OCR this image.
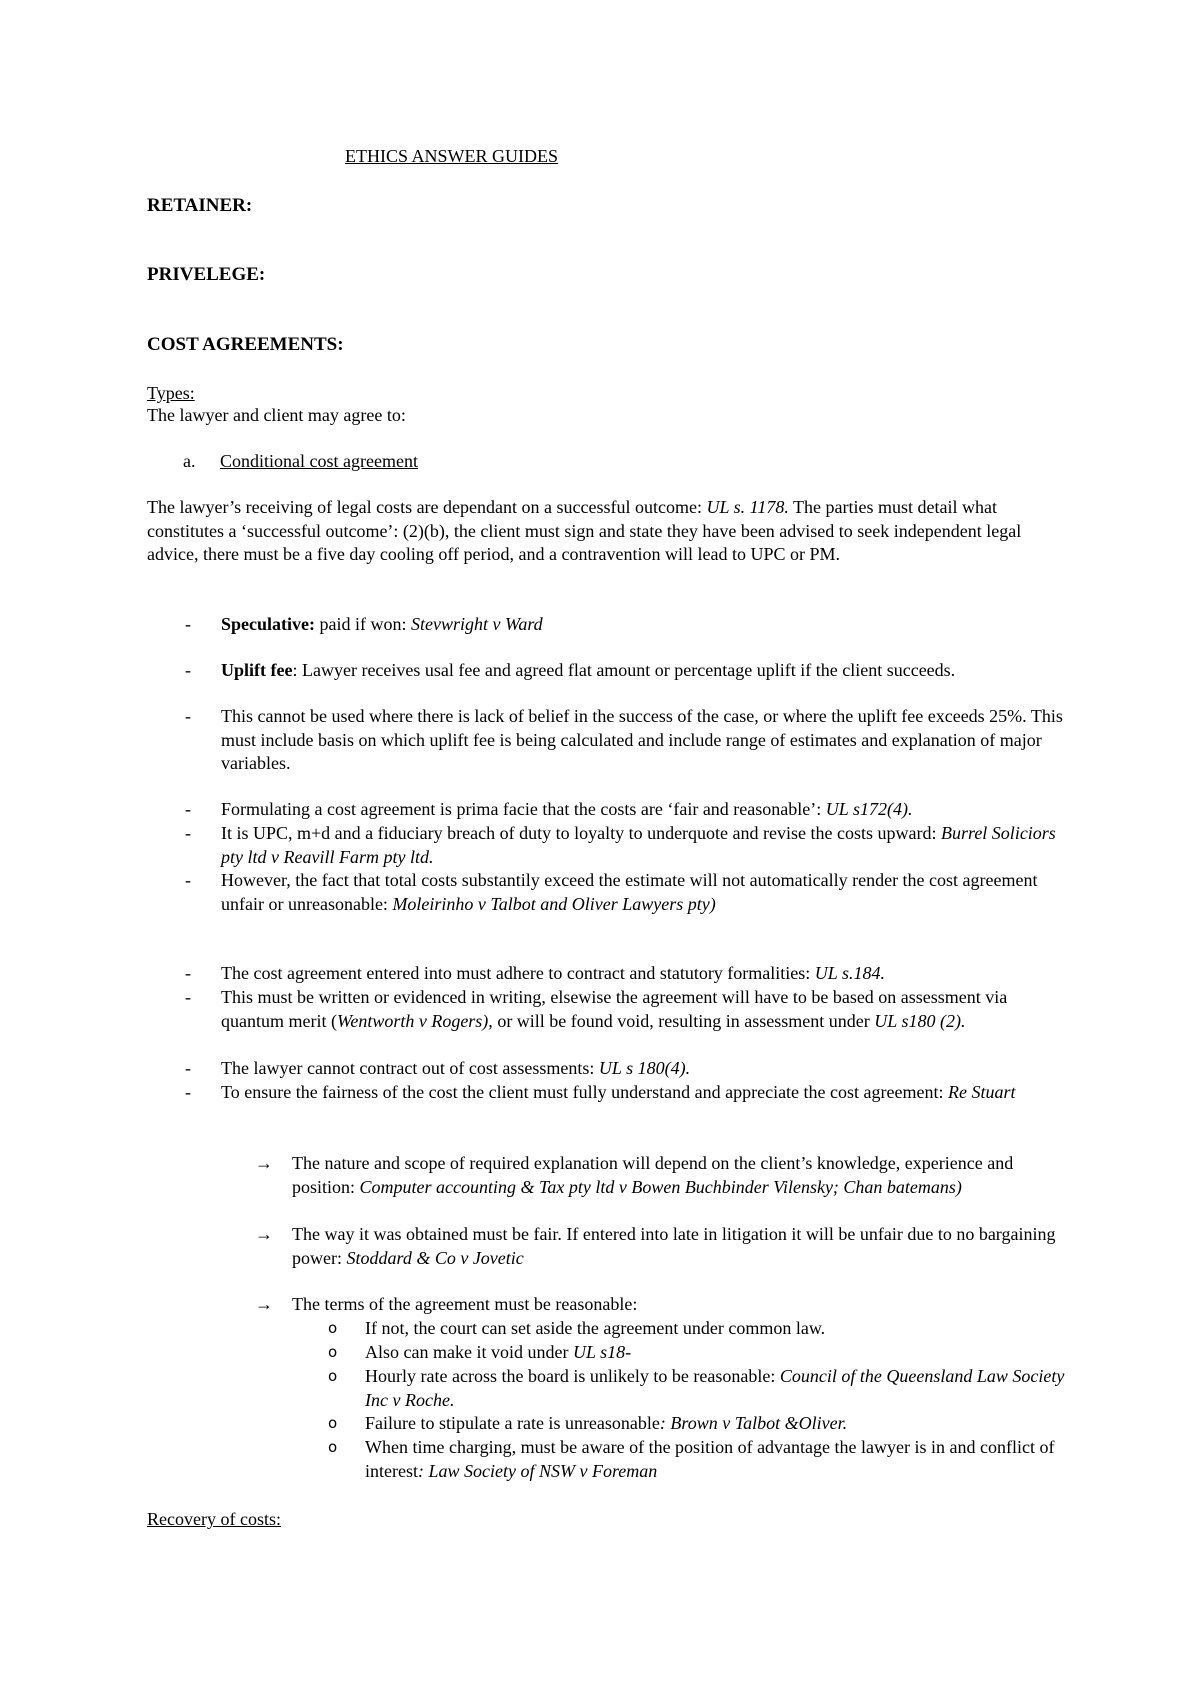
ETHICS ANSWER GUIDES
RETAINER:
PRIVELEGE:
COST AGREEMENTS:
Types:
The lawyer and client may agree to:
a. Conditional cost agreement
The lawyer’s receiving of legal costs are dependant on a successful outcome: UL s. 1178. The parties must detail what constitutes a ‘successful outcome’: (2)(b), the client must sign and state they have been advised to seek independent legal advice, there must be a five day cooling off period, and a contravention will lead to UPC or PM.
- Speculative: paid if won: Stevwright v Ward
- Uplift fee: Lawyer receives usal fee and agreed flat amount or percentage uplift if the client succeeds.
- This cannot be used where there is lack of belief in the success of the case, or where the uplift fee exceeds 25%. This must include basis on which uplift fee is being calculated and include range of estimates and explanation of major variables.
- Formulating a cost agreement is prima facie that the costs are ‘fair and reasonable’: UL s172(4).
- It is UPC, m+d and a fiduciary breach of duty to loyalty to underquote and revise the costs upward: Burrel Soliciors pty ltd v Reavill Farm pty ltd.
- However, the fact that total costs substantily exceed the estimate will not automatically render the cost agreement unfair or unreasonable: Moleirinho v Talbot and Oliver Lawyers pty)
- The cost agreement entered into must adhere to contract and statutory formalities: UL s.184.
- This must be written or evidenced in writing, elsewise the agreement will have to be based on assessment via quantum merit (Wentworth v Rogers), or will be found void, resulting in assessment under UL s180 (2).
- The lawyer cannot contract out of cost assessments: UL s 180(4).
- To ensure the fairness of the cost the client must fully understand and appreciate the cost agreement: Re Stuart
→ The nature and scope of required explanation will depend on the client’s knowledge, experience and position: Computer accounting & Tax pty ltd v Bowen Buchbinder Vilensky; Chan batemans)
→ The way it was obtained must be fair. If entered into late in litigation it will be unfair due to no bargaining power: Stoddard & Co v Jovetic
→ The terms of the agreement must be reasonable:
o If not, the court can set aside the agreement under common law.
o Also can make it void under UL s18-
o Hourly rate across the board is unlikely to be reasonable: Council of the Queensland Law Society Inc v Roche.
o Failure to stipulate a rate is unreasonable: Brown v Talbot &Oliver.
o When time charging, must be aware of the position of advantage the lawyer is in and conflict of interest: Law Society of NSW v Foreman
Recovery of costs:
